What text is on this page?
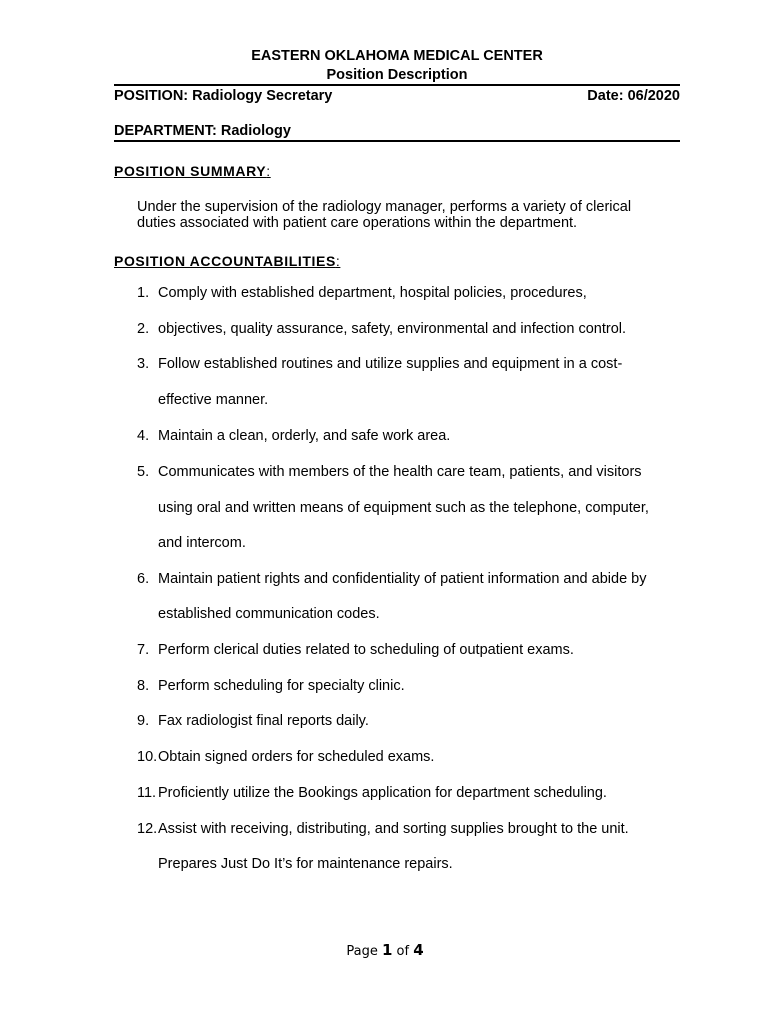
EASTERN OKLAHOMA MEDICAL CENTER
Position Description
POSITION: Radiology Secretary	Date: 06/2020
DEPARTMENT: Radiology
POSITION SUMMARY:
Under the supervision of the radiology manager, performs a variety of clerical
duties associated with patient care operations within the department.
POSITION ACCOUNTABILITIES:
1. Comply with established department, hospital policies, procedures,
2. objectives, quality assurance, safety, environmental and infection control.
3. Follow established routines and utilize supplies and equipment in a cost-
effective manner.
4. Maintain a clean, orderly, and safe work area.
5. Communicates with members of the health care team, patients, and visitors
using oral and written means of equipment such as the telephone, computer,
and intercom.
6. Maintain patient rights and confidentiality of patient information and abide by
established communication codes.
7. Perform clerical duties related to scheduling of outpatient exams.
8. Perform scheduling for specialty clinic.
9. Fax radiologist final reports daily.
10. Obtain signed orders for scheduled exams.
11. Proficiently utilize the Bookings application for department scheduling.
12. Assist with receiving, distributing, and sorting supplies brought to the unit.
Prepares Just Do It’s for maintenance repairs.
Page 1 of 4
